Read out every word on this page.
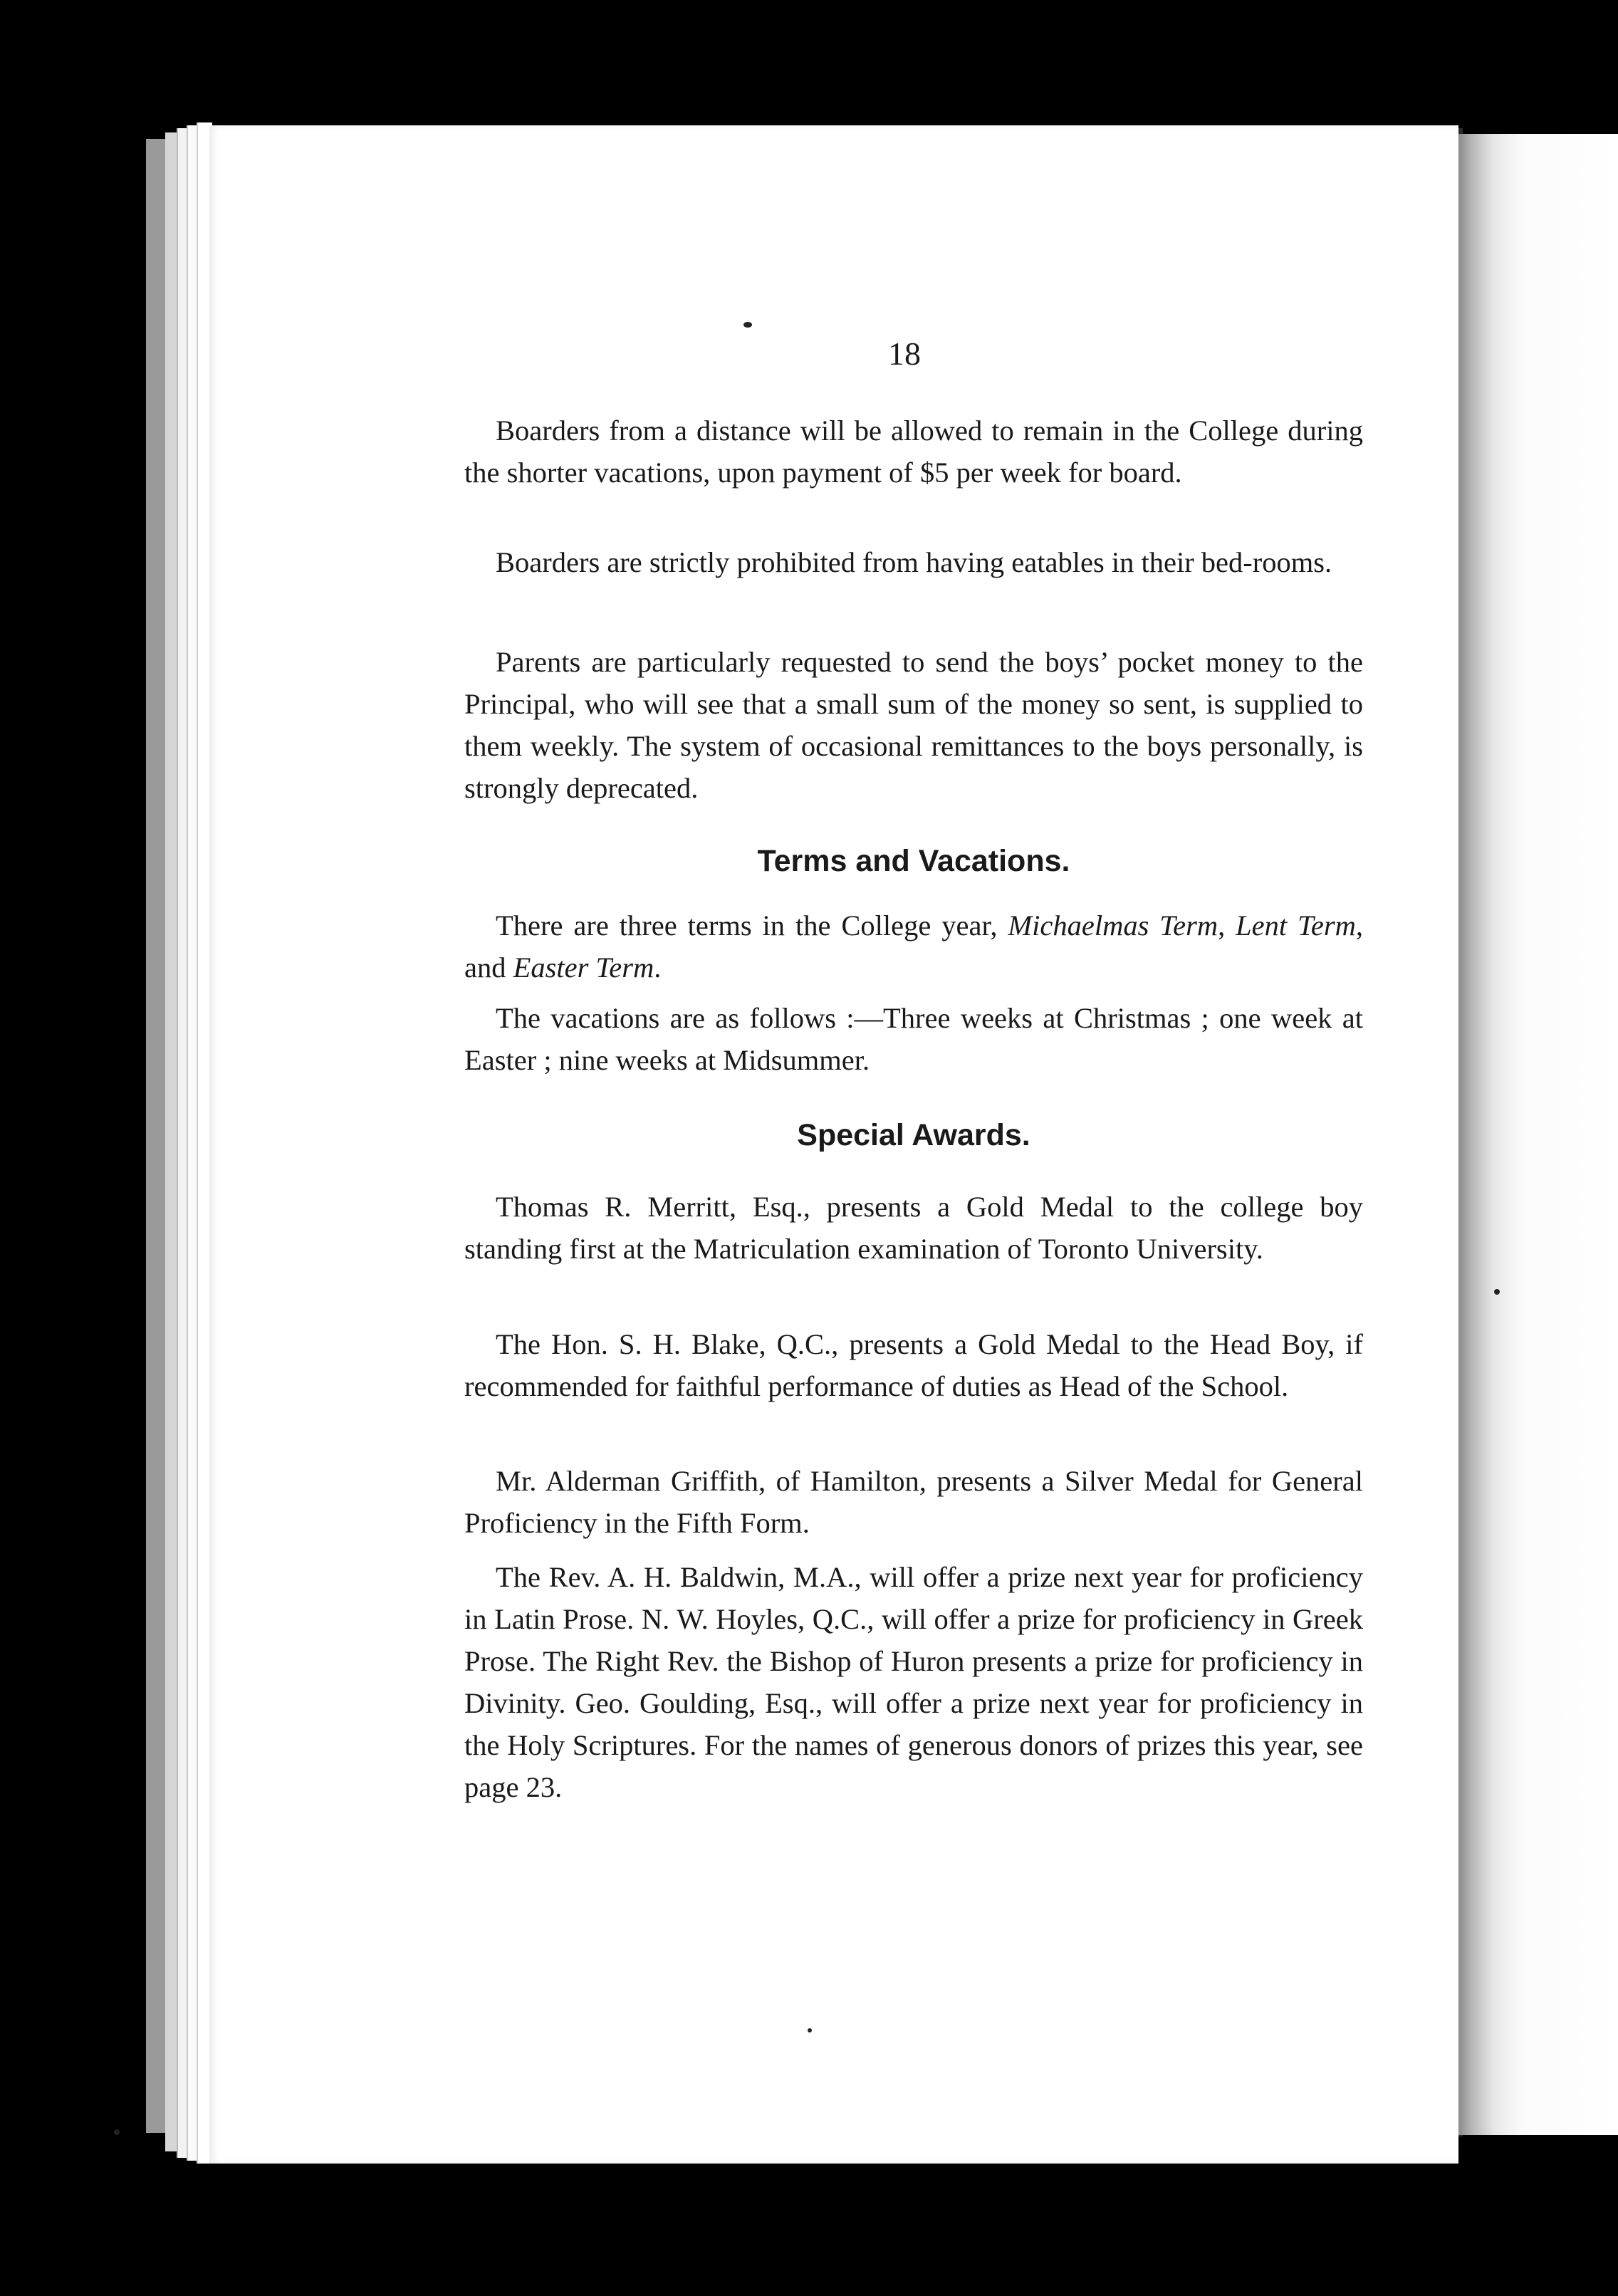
18

Boarders from a distance will be allowed to remain in the College during the shorter vacations, upon payment of $5 per week for board.

Boarders are strictly prohibited from having eatables in their bed-rooms.

Parents are particularly requested to send the boys’ pocket money to the Principal, who will see that a small sum of the money so sent, is supplied to them weekly. The system of occasional remittances to the boys personally, is strongly deprecated.

Terms and Vacations.

There are three terms in the College year, Michaelmas Term, Lent Term, and Easter Term.

The vacations are as follows :—Three weeks at Christmas ; one week at Easter ; nine weeks at Midsummer.

Special Awards.

Thomas R. Merritt, Esq., presents a Gold Medal to the college boy standing first at the Matriculation examination of Toronto University.

The Hon. S. H. Blake, Q.C., presents a Gold Medal to the Head Boy, if recommended for faithful performance of duties as Head of the School.

Mr. Alderman Griffith, of Hamilton, presents a Silver Medal for General Proficiency in the Fifth Form.

The Rev. A. H. Baldwin, M.A., will offer a prize next year for proficiency in Latin Prose. N. W. Hoyles, Q.C., will offer a prize for proficiency in Greek Prose. The Right Rev. the Bishop of Huron presents a prize for proficiency in Divinity. Geo. Goulding, Esq., will offer a prize next year for proficiency in the Holy Scriptures. For the names of generous donors of prizes this year, see page 23.
